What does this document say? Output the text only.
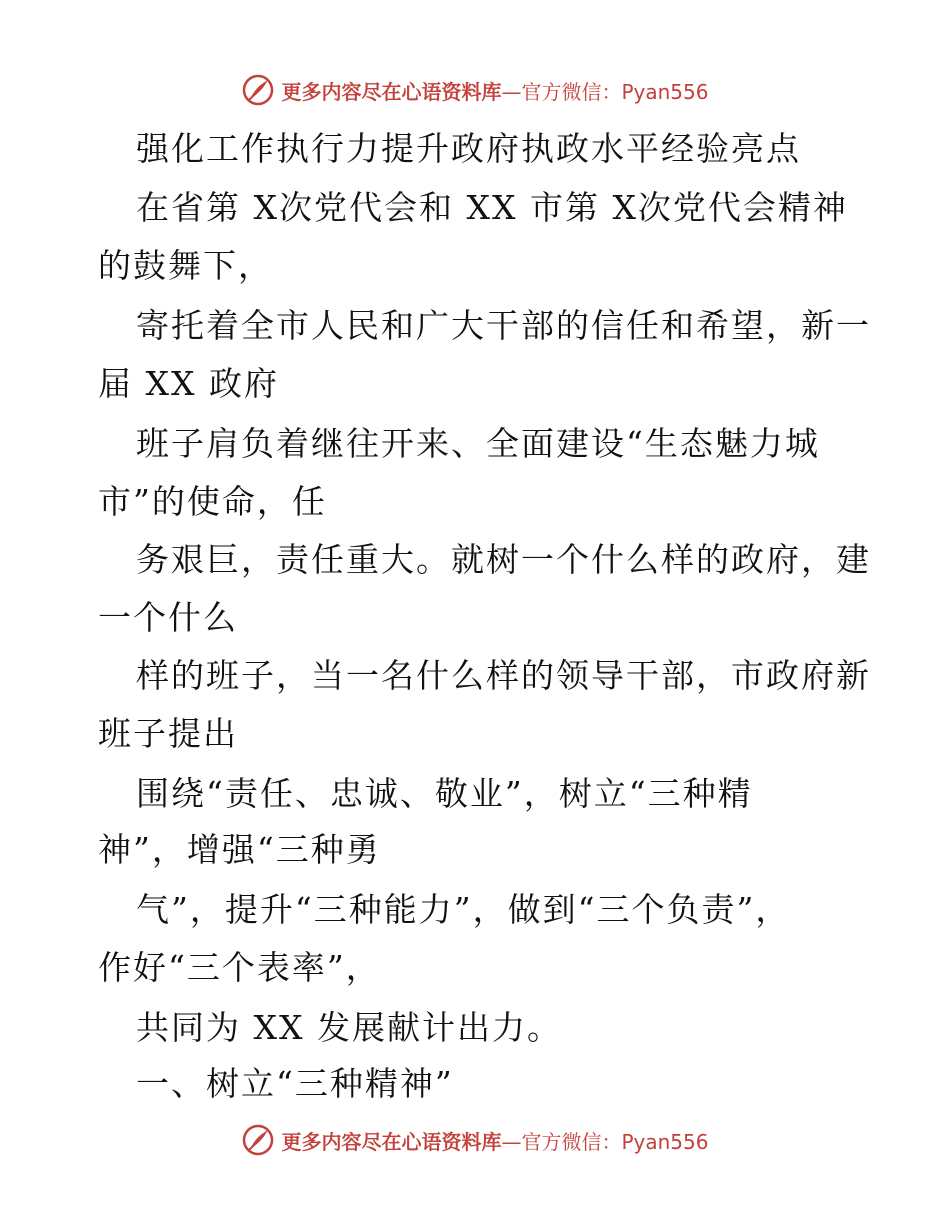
更多内容尽在心语资料库—官方微信：Pyan556
强化工作执行力提升政府执政水平经验亮点
在省第 X次党代会和 XX 市第 X次党代会精神
的鼓舞下，
寄托着全市人民和广大干部的信任和希望，新一
届 XX 政府
班子肩负着继往开来、全面建设“生态魅力城
市”的使命，任
务艰巨，责任重大。就树一个什么样的政府，建
一个什么
样的班子，当一名什么样的领导干部，市政府新
班子提出
围绕“责任、忠诚、敬业”，树立“三种精
神”，增强“三种勇
气”，提升“三种能力”，做到“三个负责”，
作好“三个表率”，
共同为 XX 发展献计出力。
一、树立“三种精神”
更多内容尽在心语资料库—官方微信：Pyan556
